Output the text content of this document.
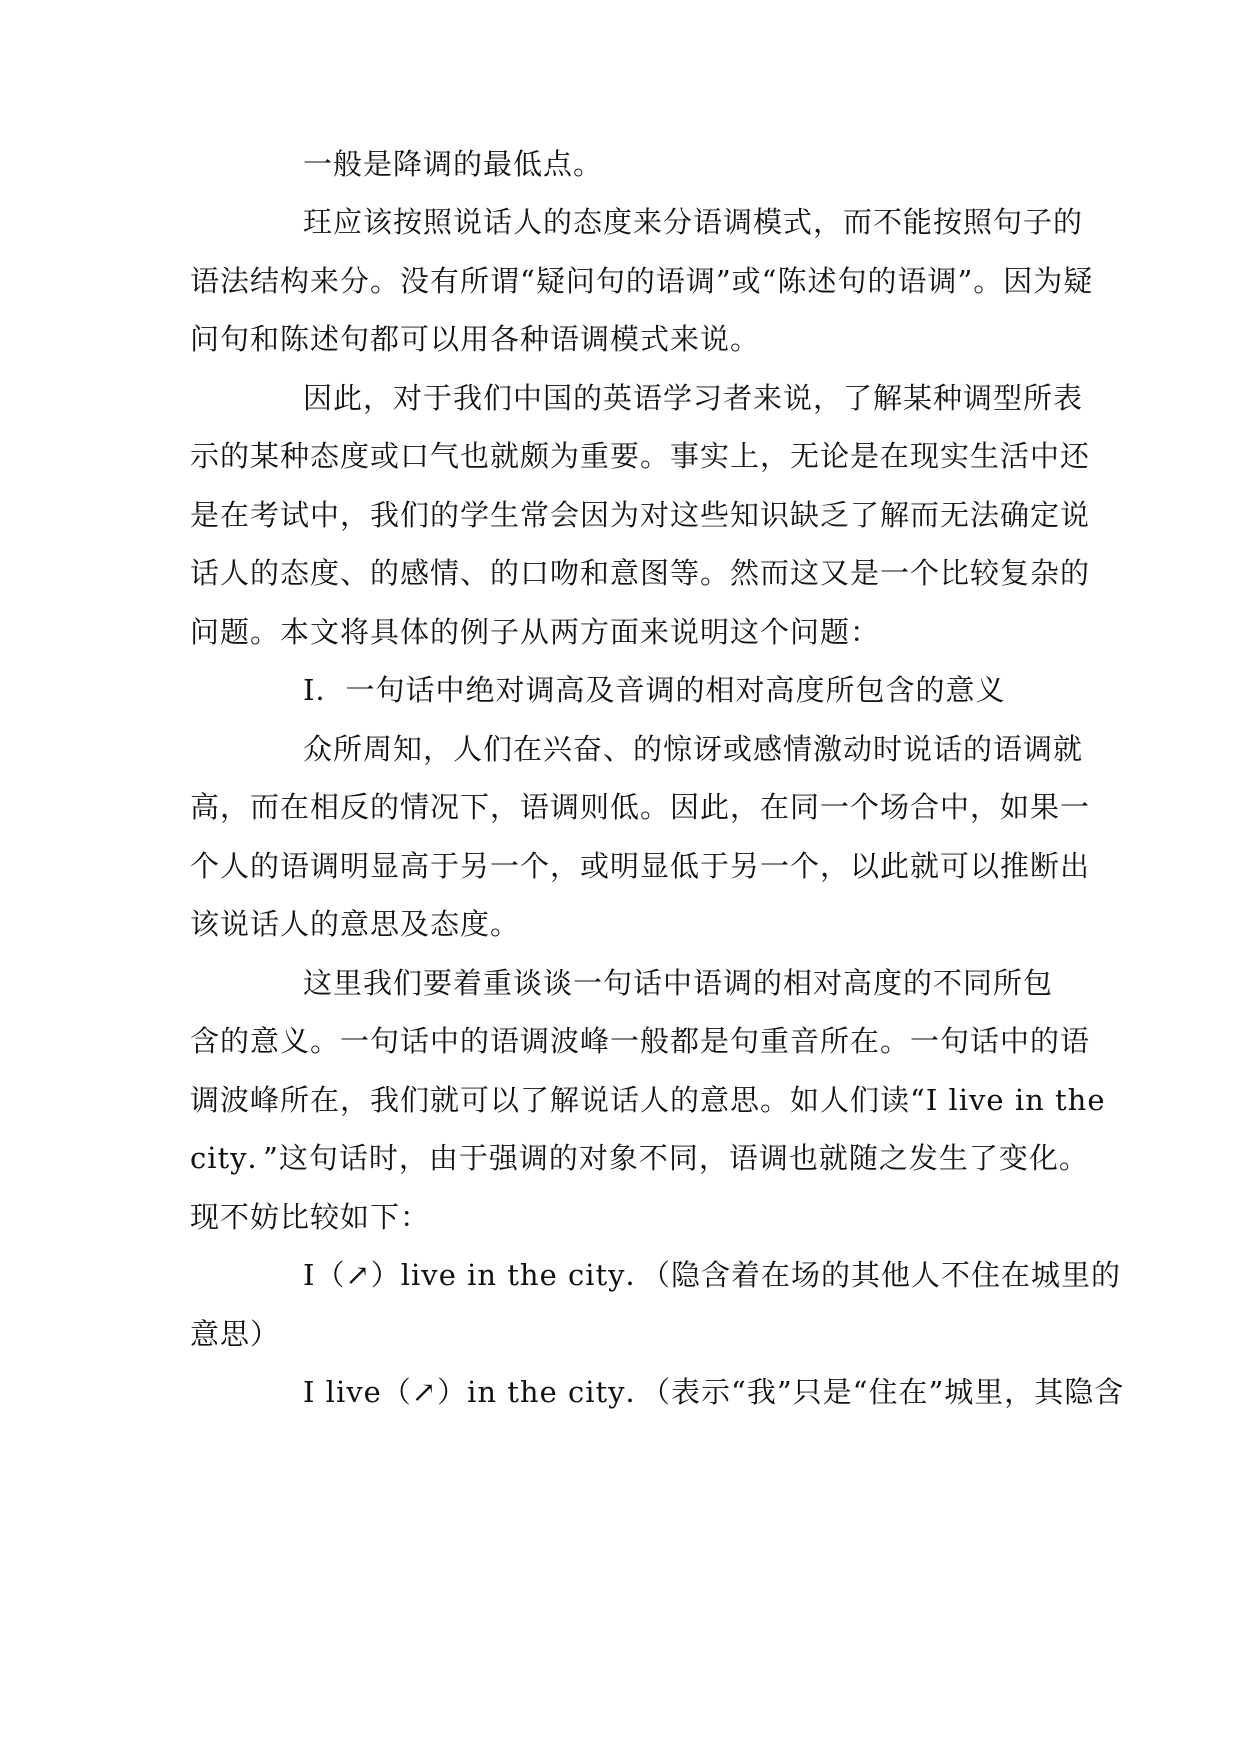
一般是降调的最低点。
玨应该按照说话人的态度来分语调模式，而不能按照句子的
语法结构来分。没有所谓“疑问句的语调”或“陈述句的语调”。因为疑
问句和陈述句都可以用各种语调模式来说。
因此，对于我们中国的英语学习者来说，了解某种调型所表
示的某种态度或口气也就颇为重要。事实上，无论是在现实生活中还
是在考试中，我们的学生常会因为对这些知识缺乏了解而无法确定说
话人的态度、的感情、的口吻和意图等。然而这又是一个比较复杂的
问题。本文将具体的例子从两方面来说明这个问题：
I．一句话中绝对调高及音调的相对高度所包含的意义
众所周知，人们在兴奋、的惊讶或感情激动时说话的语调就
高，而在相反的情况下，语调则低。因此，在同一个场合中，如果一
个人的语调明显高于另一个，或明显低于另一个，以此就可以推断出
该说话人的意思及态度。
这里我们要着重谈谈一句话中语调的相对高度的不同所包
含的意义。一句话中的语调波峰一般都是句重音所在。一句话中的语
调波峰所在，我们就可以了解说话人的意思。如人们读“I live in the
city．”这句话时，由于强调的对象不同，语调也就随之发生了变化。
现不妨比较如下：
I（↗）live in the city．（隐含着在场的其他人不住在城里的
意思）
I live（↗）in the city．（表示“我”只是“住在”城里，其隐含
